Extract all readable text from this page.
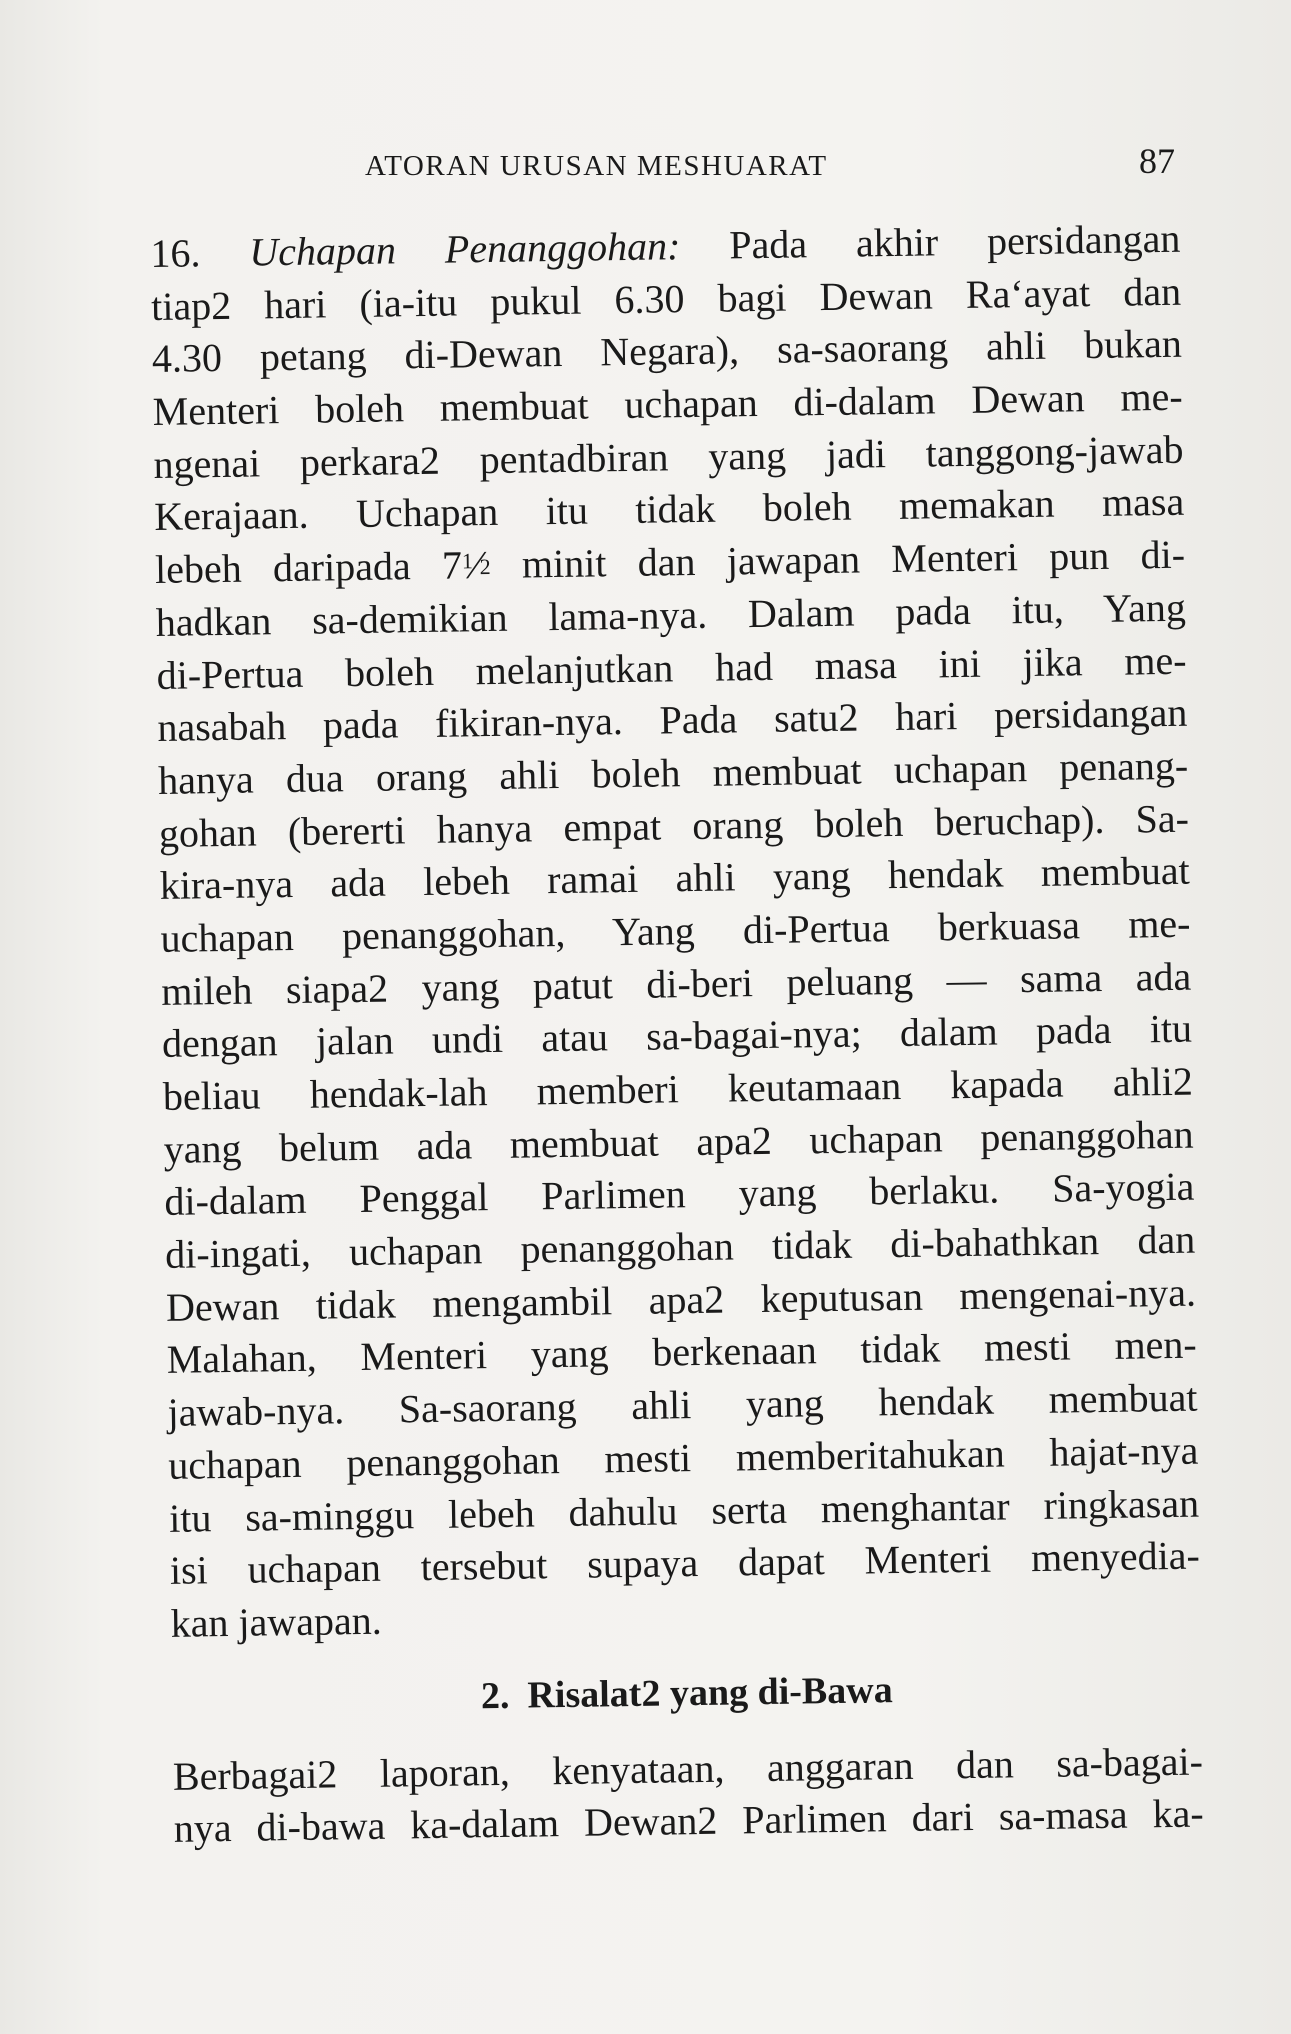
ATORAN URUSAN MESHUARAT	87
16. Uchapan Penanggohan: Pada akhir persidangan
tiap2 hari (ia-itu pukul 6.30 bagi Dewan Ra‘ayat dan
4.30 petang di-Dewan Negara), sa-saorang ahli bukan
Menteri boleh membuat uchapan di-dalam Dewan me-
ngenai perkara2 pentadbiran yang jadi tanggong-jawab
Kerajaan. Uchapan itu tidak boleh memakan masa
lebeh daripada $7^1⁄_2$ minit dan jawapan Menteri pun di-
hadkan sa-demikian lama-nya. Dalam pada itu, Yang
di-Pertua boleh melanjutkan had masa ini jika me-
nasabah pada fikiran-nya. Pada satu2 hari persidangan
hanya dua orang ahli boleh membuat uchapan penang-
gohan (bererti hanya empat orang boleh beruchap). Sa-
kira-nya ada lebeh ramai ahli yang hendak membuat
uchapan penanggohan, Yang di-Pertua berkuasa me-
mileh siapa2 yang patut di-beri peluang — sama ada
dengan jalan undi atau sa-bagai-nya; dalam pada itu
beliau hendak-lah memberi keutamaan kapada ahli2
yang belum ada membuat apa2 uchapan penanggohan
di-dalam Penggal Parlimen yang berlaku. Sa-yogia
di-ingati, uchapan penanggohan tidak di-bahathkan dan
Dewan tidak mengambil apa2 keputusan mengenai-nya.
Malahan, Menteri yang berkenaan tidak mesti men-
jawab-nya. Sa-saorang ahli yang hendak membuat
uchapan penanggohan mesti memberitahukan hajat-nya
itu sa-minggu lebeh dahulu serta menghantar ringkasan
isi uchapan tersebut supaya dapat Menteri menyedia-
kan jawapan.
2. Risalat2 yang di-Bawa
Berbagai2 laporan, kenyataan, anggaran dan sa-bagai-
nya di-bawa ka-dalam Dewan2 Parlimen dari sa-masa ka-
